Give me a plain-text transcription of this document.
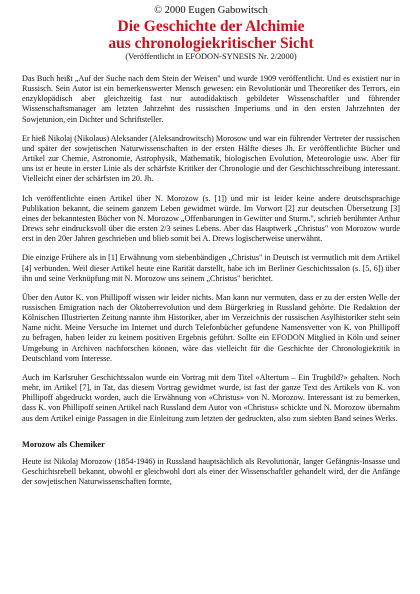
© 2000 Eugen Gabowitsch

Die Geschichte der Alchimie
aus chronologiekritischer Sicht

(Veröffentlicht in EFODON-SYNESIS Nr. 2/2000)

Das Buch heißt „Auf der Suche nach dem Stein der Weisen" und wurde 1909 veröffentlicht. Und es existiert nur in Russisch. Sein Autor ist ein bemerkenswerter Mensch gewesen: ein Revolutionär und Theoretiker des Terrors, ein enzyklopädisch aber gleichzeitig fast nur autodidaktisch gebildeter Wissenschaftler und führender Wissenschaftsmanager am letzten Jahrzehnt des russischen Imperiums und in den ersten Jahrzehnten der Sowjetunion, ein Dichter und Schriftsteller.

Er hieß Nikolaj (Nikolaus) Aleksander (Aleksandrowitsch) Morosow und war ein führender Vertreter der russischen und später der sowjetischen Naturwissenschaften in der ersten Hälfte dieses Jh. Er veröffentlichte Bücher und Artikel zur Chemie, Astronomie, Astrophysik, Mathematik, biologischen Evolution, Meteorologie usw. Aber für uns ist er heute in erster Linie als der schärfste Kritiker der Chronologie und der Geschichtsschreibung interessant. Vielleicht einer der schärfsten im 20. Jh.

Ich veröffentlichte einen Artikel über N. Morozow (s. [1]) und mir ist leider keine andere deutschsprachige Publikation bekannt, die seinem ganzem Leben gewidmet würde. Im Vorwort [2] zur deutschen Übersetzung [3] eines der bekanntesten Bücher von N. Morozow „Offenbarungen in Gewitter und Sturm.", schrieb berühmter Arthur Drews sehr eindrucksvoll über die ersten 2/3 seines Lebens. Aber das Hauptwerk „Christus" von Morozow wurde erst in den 20er Jahren geschrieben und blieb somit bei A. Drews logischerweise unerwähnt.

Die einzige Frühere als in [1] Erwähnung vom siebenbändigen „Christus" in Deutsch ist vermutlich mit dem Artikel [4] verbunden. Weil dieser Artikel heute eine Rarität darstellt, habe ich im Berliner Geschichtssalon (s. [5, 6]) über ihn und seine Verknüpfung mit N. Morozow uns seinem „Christus" berichtet.

Über den Autor K. von Phillipoff wissen wir leider nichts. Man kann nur vermuten, dass er zu der ersten Welle der russischen Emigration nach der Oktoberrevolution und dem Bürgerkrieg in Russland gehörte. Die Redaktion der Kölnischen Illustrierten Zeitung nannte ihm Historiker, aber im Verzeichnis der russischen Asylhistoriker steht sein Name nicht. Meine Versuche im Internet und durch Telefonbücher gefundene Namensvetter von K. von Phillipoff zu befragen, haben leider zu keinem positiven Ergebnis geführt. Sollte ein EFODON Mitglied in Köln und seiner Umgebung in Archiven nachforschen können, wäre das vielleicht für die Geschichte der Chronologiekritik in Deutschland vom Interesse.

Auch im Karlsruher Geschichtssalon wurde ein Vortrag mit dem Titel «Altertum – Ein Trugbild?» gehalten. Noch mehr, im Artikel [7], in Tat, das diesem Vortrag gewidmet wurde, ist fast der ganze Text des Artikels von K. von Phillipoff abgedruckt worden, auch die Erwähnung von «Christus» von N. Morozow. Interessant ist zu bemerken, dass K. von Phillipoff seinen Artikel nach Russland dem Autor von «Christus» schickte und N. Morozow übernahm aus dem Artikel einige Passagen in die Einleitung zum letzten der gedruckten, also zum siebten Band seines Werks.

Morozow als Chemiker

Heute ist Nikolaj Morozow (1854-1946) in Russland hauptsächlich als Revolutionär, langer Gefängnis-Insasse und Geschichtsrebell bekannt, obwohl er gleichwohl dort als einer der Wissenschaftler gehandelt wird, der die Anfänge der sowjetischen Naturwissenschaften formte,
